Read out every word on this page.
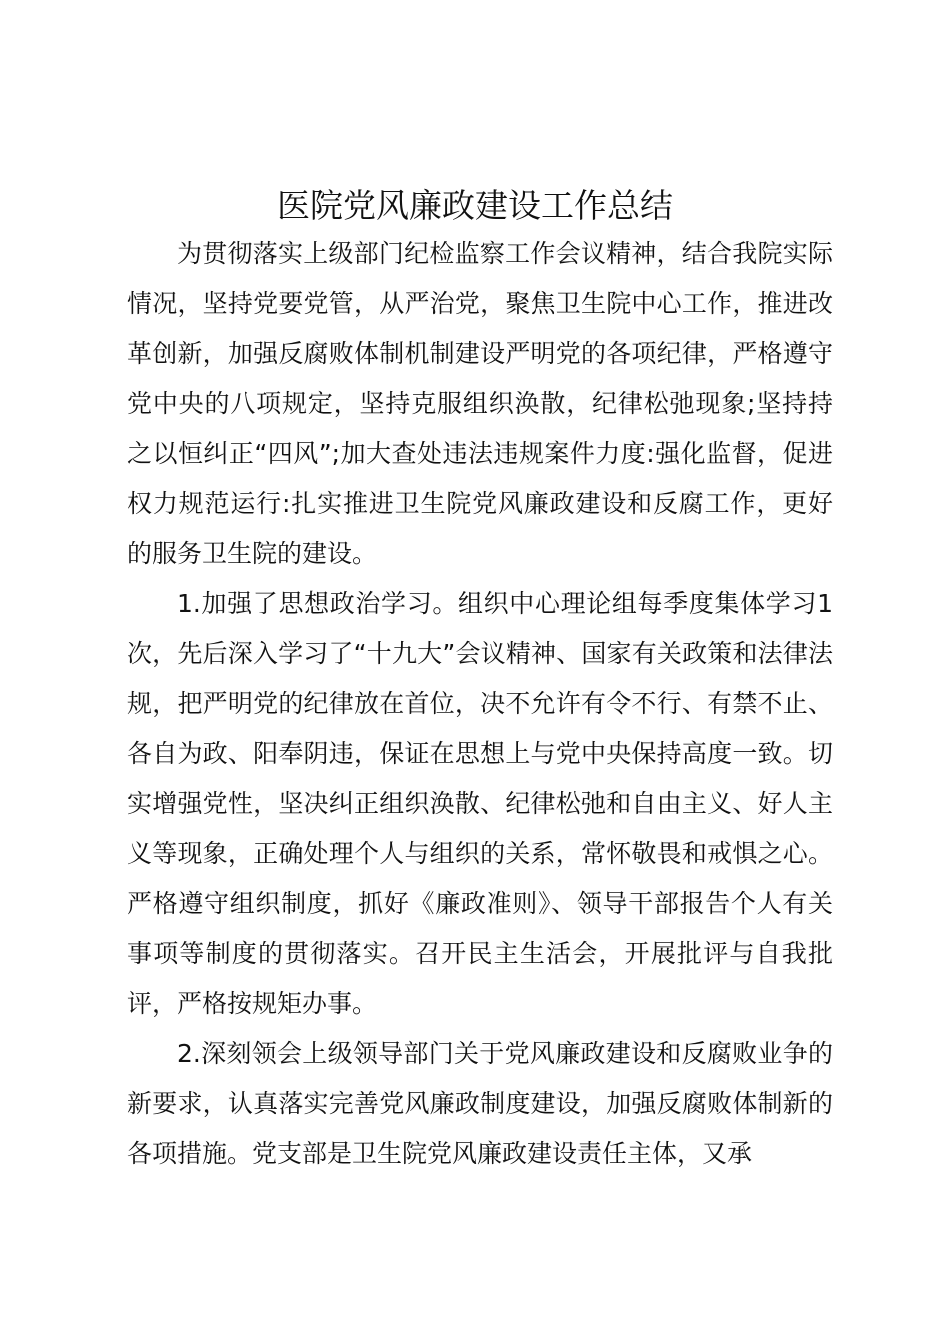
医院党风廉政建设工作总结

为贯彻落实上级部门纪检监察工作会议精神，结合我院实际情况，坚持党要党管，从严治党，聚焦卫生院中心工作，推进改革创新，加强反腐败体制机制建设严明党的各项纪律，严格遵守党中央的八项规定，坚持克服组织涣散，纪律松弛现象;坚持持之以恒纠正“四风”;加大查处违法违规案件力度:强化监督，促进权力规范运行:扎实推进卫生院党风廉政建设和反腐工作，更好的服务卫生院的建设。

1.加强了思想政治学习。组织中心理论组每季度集体学习1次，先后深入学习了“十九大”会议精神、国家有关政策和法律法规，把严明党的纪律放在首位，决不允许有令不行、有禁不止、各自为政、阳奉阴违，保证在思想上与党中央保持高度一致。切实增强党性，坚决纠正组织涣散、纪律松弛和自由主义、好人主义等现象，正确处理个人与组织的关系，常怀敬畏和戒惧之心。严格遵守组织制度，抓好《廉政准则》、领导干部报告个人有关事项等制度的贯彻落实。召开民主生活会，开展批评与自我批评，严格按规矩办事。

2.深刻领会上级领导部门关于党风廉政建设和反腐败业争的新要求，认真落实完善党风廉政制度建设，加强反腐败体制新的各项措施。党支部是卫生院党风廉政建设责任主体，又承
